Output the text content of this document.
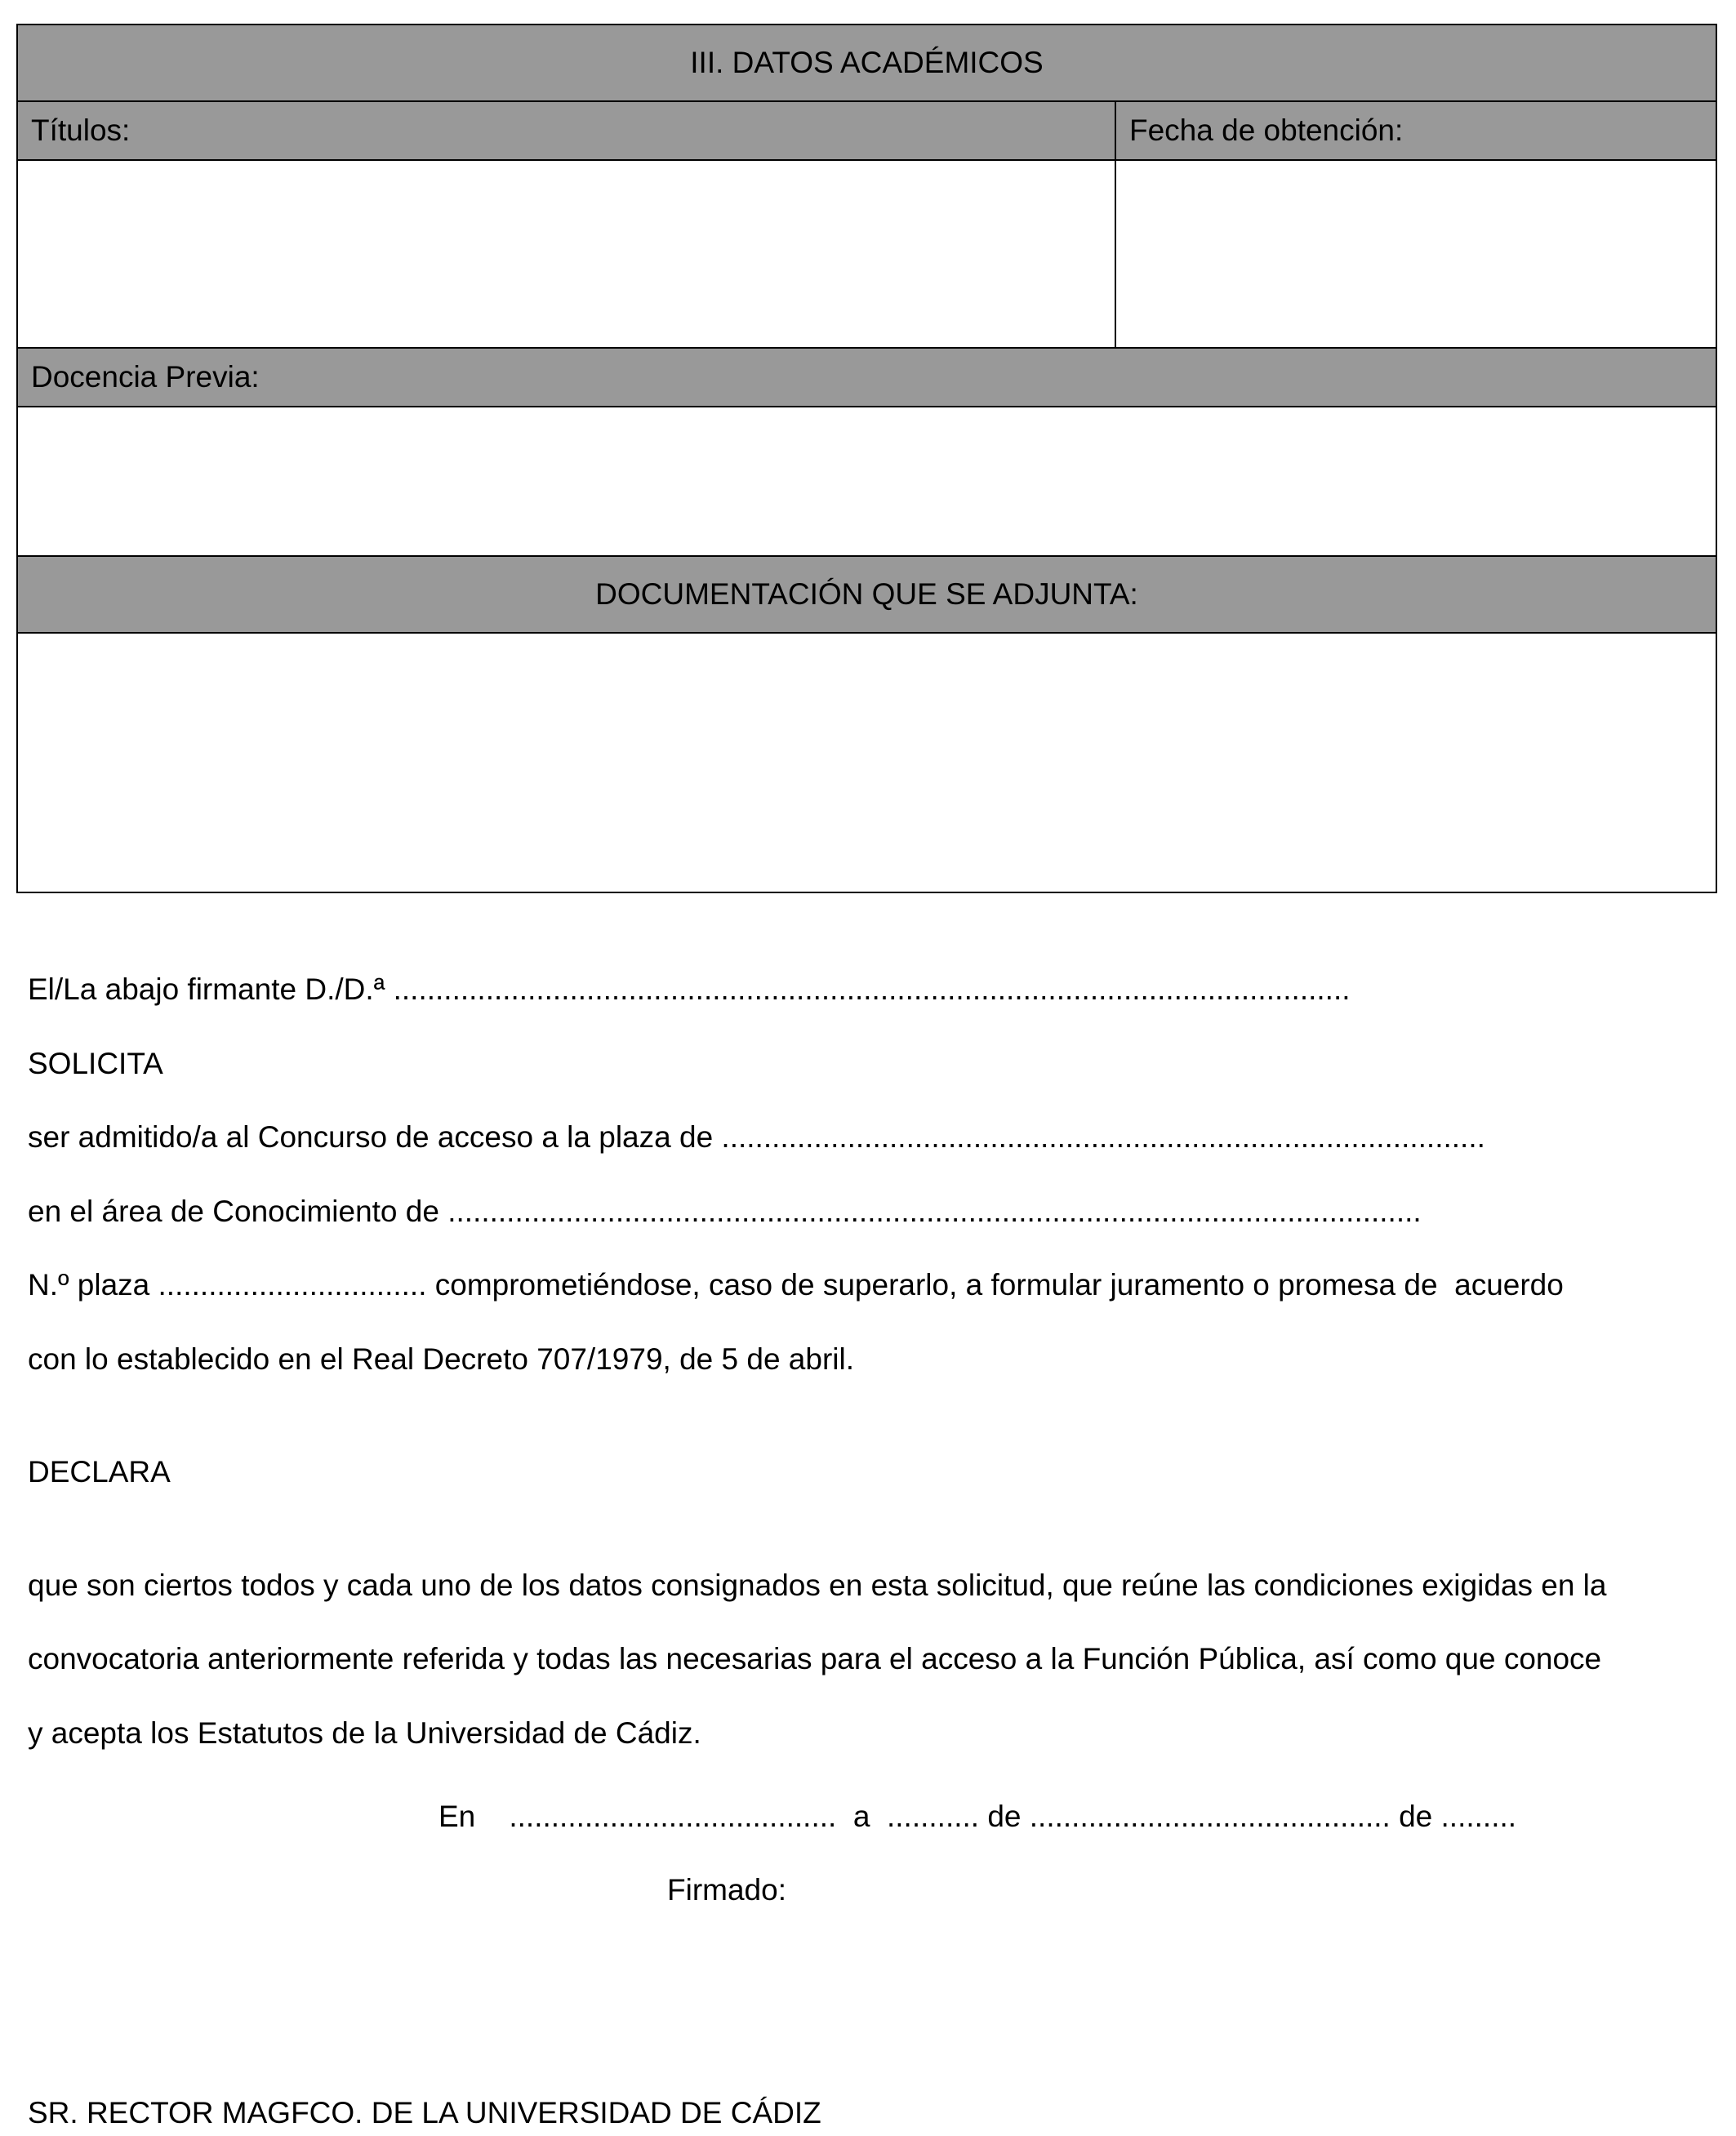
III. DATOS ACADÉMICOS
Títulos:	Fecha de obtención:
Docencia Previa:
DOCUMENTACIÓN QUE SE ADJUNTA:
El/La abajo firmante D./D.ª ..................................................................................................................
SOLICITA
ser admitido/a al Concurso de acceso a la plaza de ...........................................................................................
en el área de Conocimiento de ....................................................................................................................
N.º plaza ................................ comprometiéndose, caso de superarlo, a formular juramento o promesa de  acuerdo
con lo establecido en el Real Decreto 707/1979, de 5 de abril.
DECLARA
que son ciertos todos y cada uno de los datos consignados en esta solicitud, que reúne las condiciones exigidas en la
convocatoria anteriormente referida y todas las necesarias para el acceso a la Función Pública, así como que conoce
y acepta los Estatutos de la Universidad de Cádiz.
En    .......................................  a  ........... de ........................................... de .........
Firmado:
SR. RECTOR MAGFCO. DE LA UNIVERSIDAD DE CÁDIZ
